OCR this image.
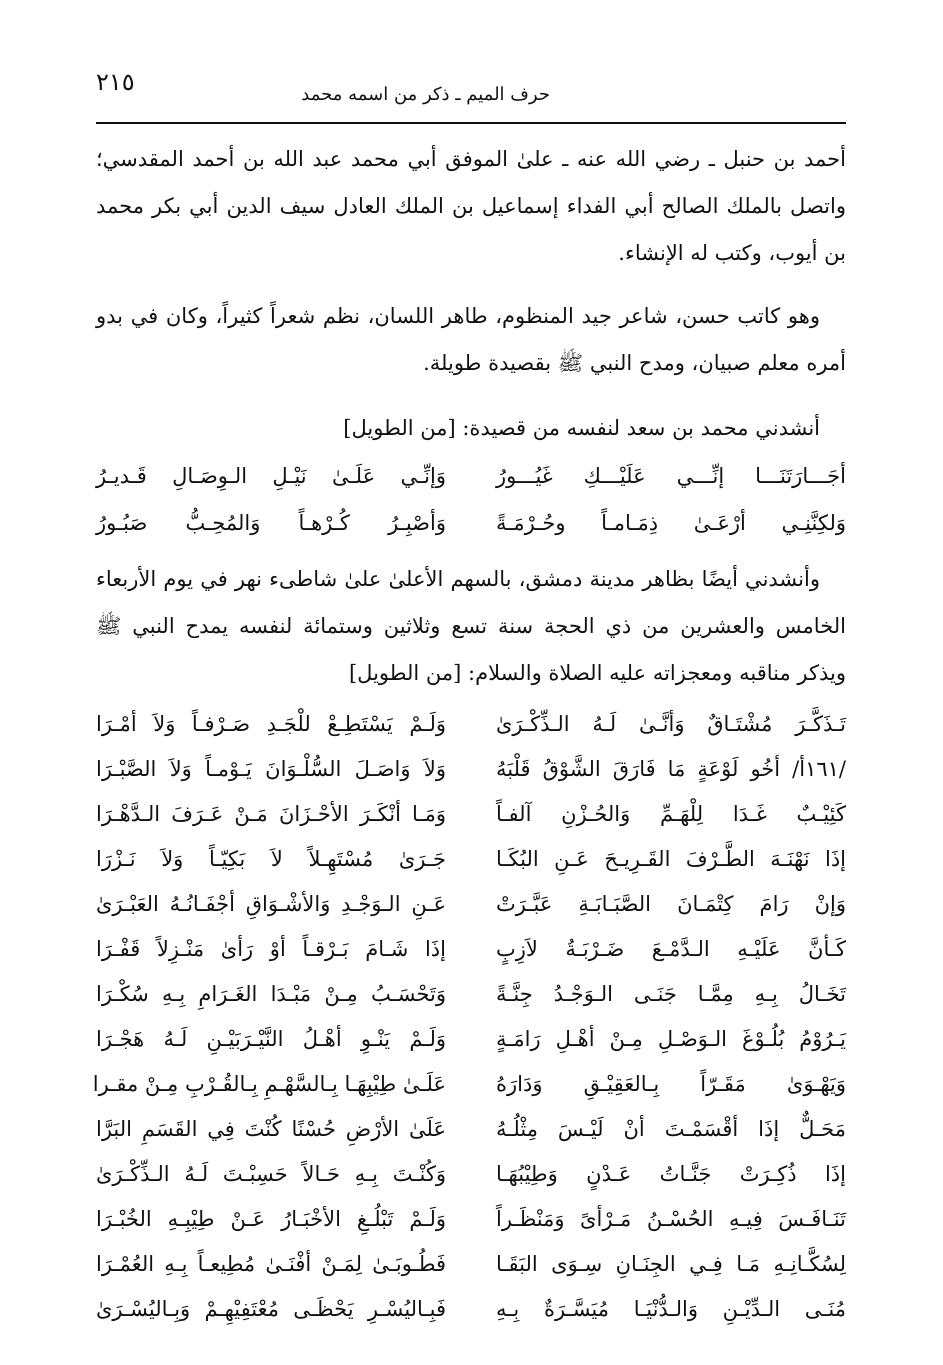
٢١٥	حرف الميم ـ ذكر من اسمه محمد

أحمد بن حنبل ـ رضي الله عنه ـ علىٰ الموفق أبي محمد عبد الله بن أحمد المقدسي؛ واتصل بالملك الصالح أبي الفداء إسماعيل بن الملك العادل سيف الدين أبي بكر محمد بن أيوب، وكتب له الإنشاء.

وهو كاتب حسن، شاعر جيد المنظوم، طاهر اللسان، نظم شعراً كثيراً، وكان في بدو أمره معلم صبيان، ومدح النبي ﷺ بقصيدة طويلة.

أنشدني محمد بن سعد لنفسه من قصيدة: [من الطويل]

أجَـــارَتَنَـــا إنِّـــي عَلَيْـــكِ غَيُـــورُ
وَإنِّـي عَلَـىٰ نَيْـلِ الـوِصَـالِ قَـديـرُ
وَلكِنَّنِـي أرْعَـىٰ ذِمَـامـاً وحُـرْمَـةً
وَأصْبِـرُ كُـرْهـاً وَالمُحِـبُّ صَبُـورُ

وأنشدني أيضًا بظاهر مدينة دمشق، بالسهم الأعلىٰ علىٰ شاطىء نهر في يوم الأربعاء الخامس والعشرين من ذي الحجة سنة تسع وثلاثين وستمائة لنفسه يمدح النبي ﷺ ويذكر مناقبه ومعجزاته عليه الصلاة والسلام: [من الطويل]

تَـذَكَّـرَ مُشْتَـاقٌ وَأنَّـىٰ لَـهُ الـذِّكْـرَىٰ
وَلَـمْ يَسْتَطِـعْ للْجَـدِ صَـرْفـاً وَلاَ أمْـرَا
/١٦١أ/ أخُو لَوْعَةٍ مَا فَارَقَ الشَّوْقُ قَلْبَهُ
وَلاَ وَاصَـلَ السُّلْـوَانَ يَـوْمـاً وَلاَ الصَّبْـرَا
كَئِيْـبٌ غَـدَا لِلْهَـمِّ وَالحُـزْنِ آلفـاً
وَمَـا أنْكَـرَ الأحْـزَانَ مَـنْ عَـرَفَ الـدَّهْـرَا
إذَا نَهْنَـهَ الطَّـرْفَ القَـرِيـحَ عَـنِ البُكَـا
جَـرَىٰ مُسْتَهِـلاً لاَ بَكِيّـاً وَلاَ نَـزْرَا
وَإنْ رَامَ كِتْمَـانَ الصَّبَـابَـةِ عَبَّـرَتْ
عَـنِ الـوَجْـدِ وَالأشْـوَاقِ أجْفَـانُـهُ العَبْـرَىٰ
كَـأنَّ عَلَيْـهِ الـدَّمْـعَ ضَـرْبَـةُ لاَزِبٍ
إذَا شَـامَ بَـرْقـاً أوْ رَأىٰ مَنْـزِلاً قَفْـرَا
تَخَـالُ بِـهِ مِمَّـا جَنَـى الـوَجْـدُ جِنَّـةً
وَتَحْسَـبُ مِـنْ مَبْـدَا الغَـرَامِ بِـهِ سُكْـرَا
يَـرُوْمُ بُلُـوْغَ الـوَصْـلِ مِـنْ أهْـلِ رَامَـةٍ
وَلَـمْ يَنْـوِ أهْـلُ النَّيْـرَبَيْـنِ لَـهُ هَجْـرَا
وَيَهْـوَىٰ مَقَـرّاً بِـالعَقِيْـقِ وَدَارَهُ
عَلَـىٰ طِيْبِهَـا بِـالسَّهْـمِ بِـالقُـرْبِ مِـنْ مقـرا
مَحَـلٌّ إذَا أقْسَمْـتَ أنْ لَيْـسَ مِثْلُـهُ
عَلَىٰ الأرْضِ حُسْنًا كُنْتَ فِي القَسَمِ البَرَّا
إذَا ذُكِـرَتْ جَنَّـاتُ عَـدْنٍ وَطِيْبُهَـا
وَكُنْـتَ بِـهِ حَـالاً حَسِبْـتَ لَـهُ الـذِّكْـرَىٰ
تَنَـافَـسَ فِيـهِ الحُسْـنُ مَـرْأىً وَمَنْظَـراً
وَلَـمْ تَبْلُـغِ الأخْبَـارُ عَـنْ طِيْبِـهِ الخُبْـرَا
لِسُكَّـانِـهِ مَـا فِـي الجِنَـانِ سِـوَى البَقَـا
فَطُـوبَـىٰ لِمَـنْ أفْنَـىٰ مُطِيعـاً بِـهِ العُمْـرَا
مُنَـى الـدِّيْـنِ وَالـدُّنْيَـا مُيَسَّـرَةٌ بِـهِ
فَبِـاليُسْـرِ يَحْظَـى مُعْتَفِيْهِـمْ وَبِـاليُسْـرَىٰ
